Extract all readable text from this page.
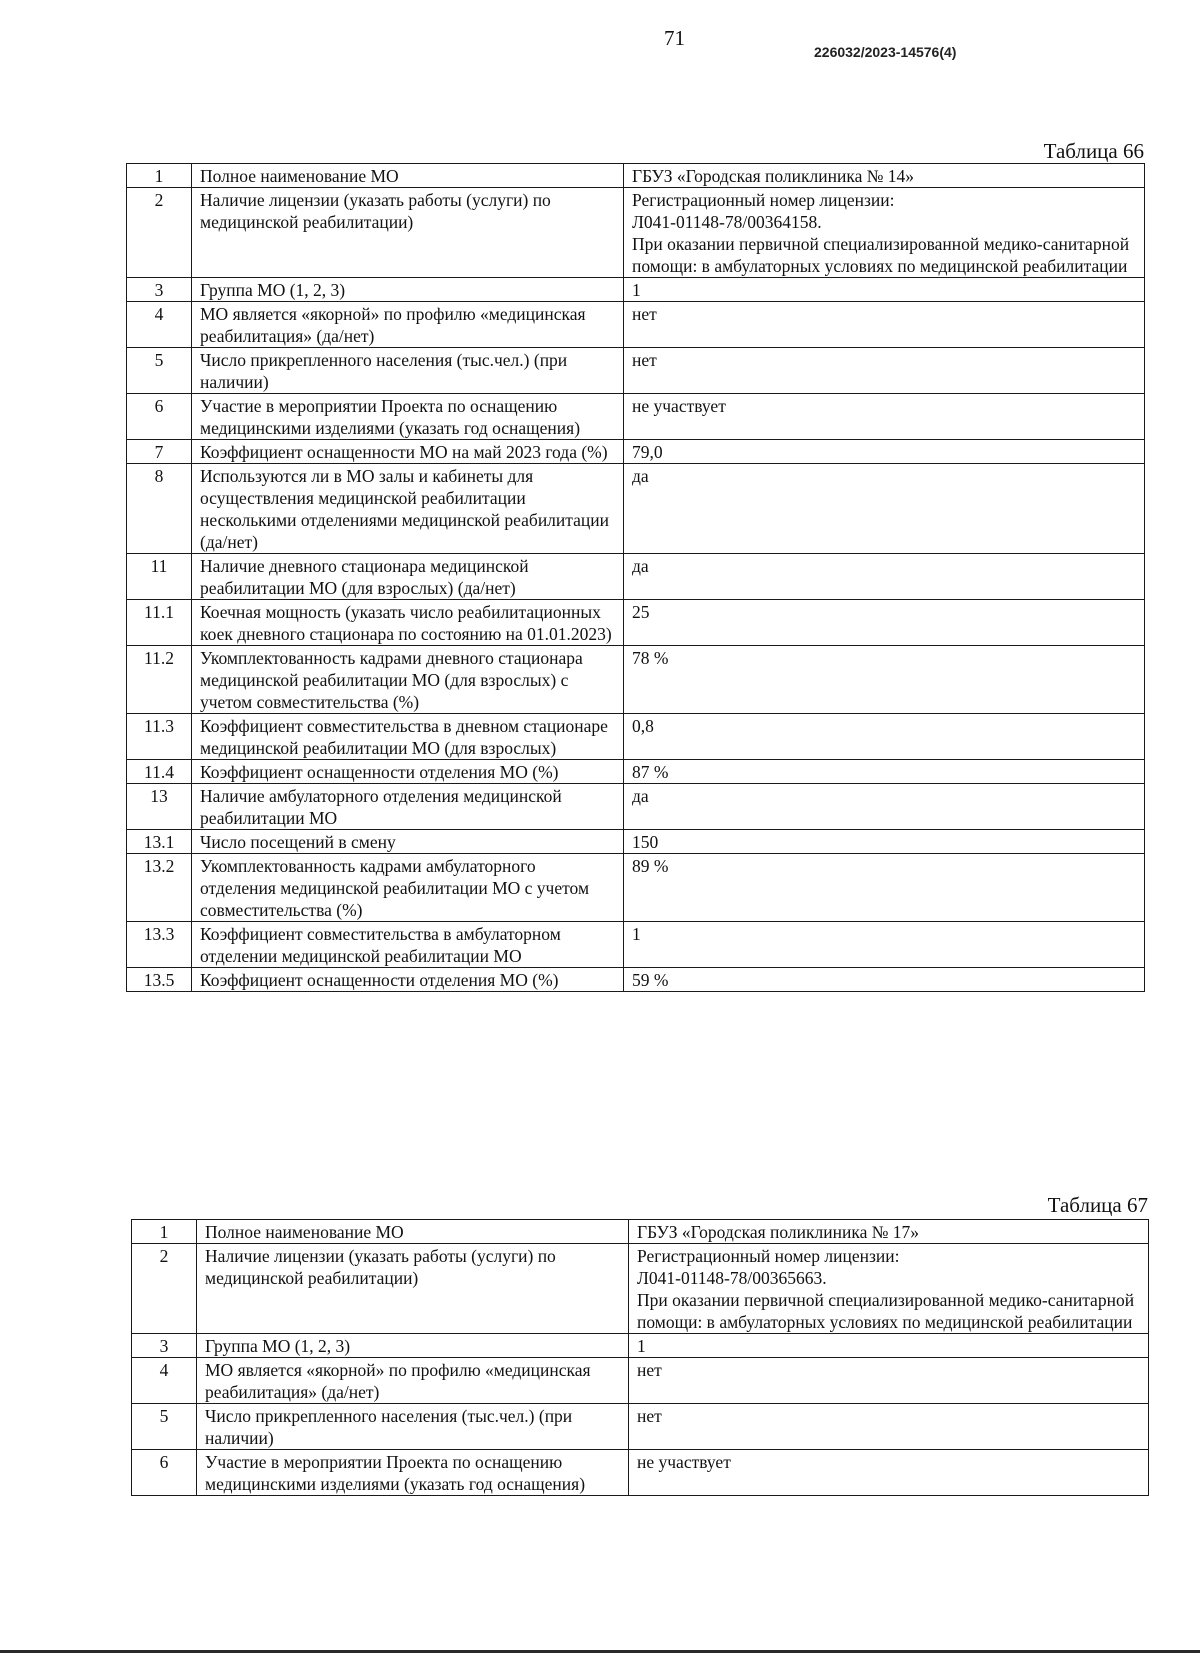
71
226032/2023-14576(4)
Таблица 66
1	Полное наименование МО	ГБУЗ «Городская поликлиника № 14»
2	Наличие лицензии (указать работы (услуги) по медицинской реабилитации)	Регистрационный номер лицензии:
Л041-01148-78/00364158.
При оказании первичной специализированной медико-санитарной помощи: в амбулаторных условиях по медицинской реабилитации
3	Группа МО (1, 2, 3)	1
4	МО является «якорной» по профилю «медицинская реабилитация» (да/нет)	нет
5	Число прикрепленного населения (тыс.чел.) (при наличии)	нет
6	Участие в мероприятии Проекта по оснащению медицинскими изделиями (указать год оснащения)	не участвует
7	Коэффициент оснащенности МО на май 2023 года (%)	79,0
8	Используются ли в МО залы и кабинеты для осуществления медицинской реабилитации несколькими отделениями медицинской реабилитации (да/нет)	да
11	Наличие дневного стационара медицинской реабилитации МО (для взрослых) (да/нет)	да
11.1	Коечная мощность (указать число реабилитационных коек дневного стационара по состоянию на 01.01.2023)	25
11.2	Укомплектованность кадрами дневного стационара медицинской реабилитации МО (для взрослых) с учетом совместительства (%)	78 %
11.3	Коэффициент совместительства в дневном стационаре медицинской реабилитации МО (для взрослых)	0,8
11.4	Коэффициент оснащенности отделения МО (%)	87 %
13	Наличие амбулаторного отделения медицинской реабилитации МО	да
13.1	Число посещений в смену	150
13.2	Укомплектованность кадрами амбулаторного отделения медицинской реабилитации МО с учетом совместительства (%)	89 %
13.3	Коэффициент совместительства в амбулаторном отделении медицинской реабилитации МО	1
13.5	Коэффициент оснащенности отделения МО (%)	59 %
Таблица 67
1	Полное наименование МО	ГБУЗ «Городская поликлиника № 17»
2	Наличие лицензии (указать работы (услуги) по медицинской реабилитации)	Регистрационный номер лицензии:
Л041-01148-78/00365663.
При оказании первичной специализированной медико-санитарной помощи: в амбулаторных условиях по медицинской реабилитации
3	Группа МО (1, 2, 3)	1
4	МО является «якорной» по профилю «медицинская реабилитация» (да/нет)	нет
5	Число прикрепленного населения (тыс.чел.) (при наличии)	нет
6	Участие в мероприятии Проекта по оснащению медицинскими изделиями (указать год оснащения)	не участвует
